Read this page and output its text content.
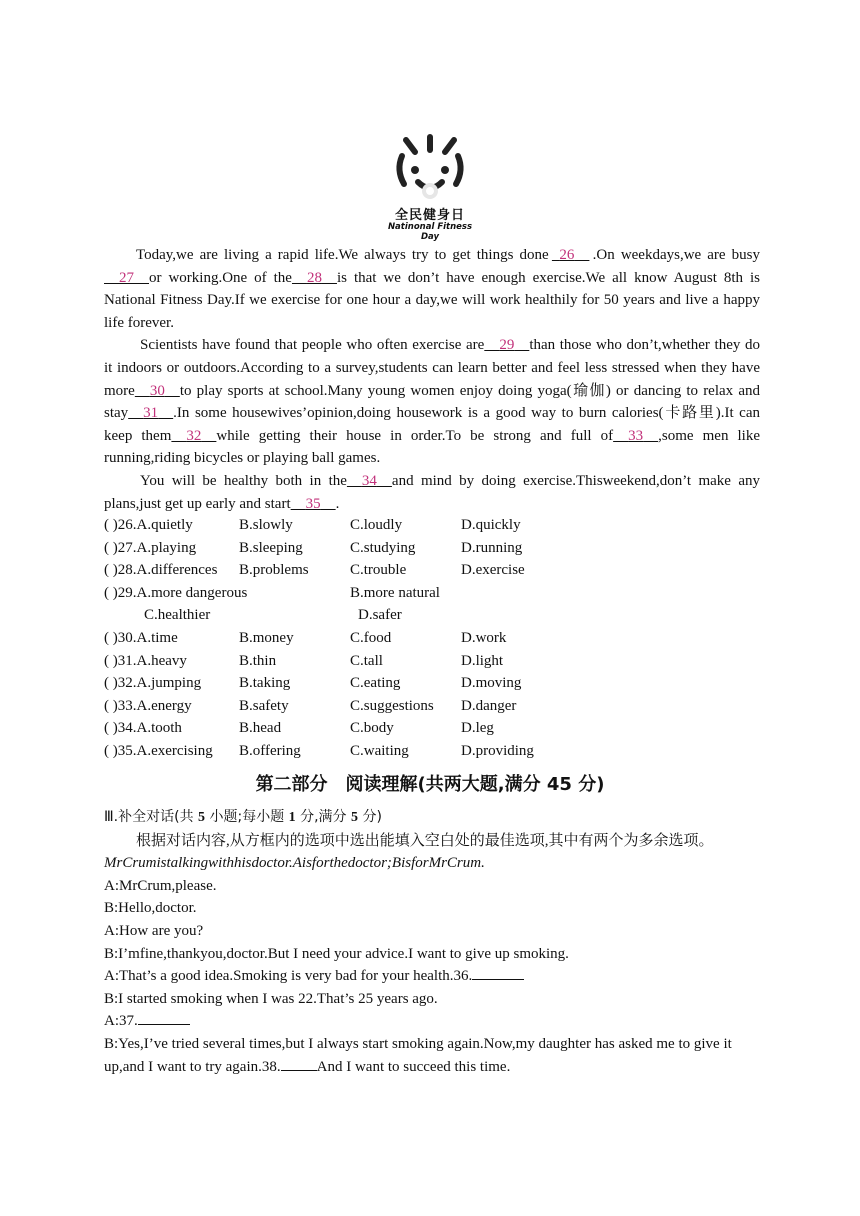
全民健身日
Natinonal Fitness Day

Today,we are living a rapid life.We always try to get things done 26 .On weekdays,we are busy27 or working.One of the 28 is that we don’t have enough exercise.We all know August 8th is National Fitness Day.If we exercise for one hour a day,we will work healthily for 50 years and live a happy life forever.

Scientists have found that people who often exercise are 29 than those who don’t,whether they do it indoors or outdoors.According to a survey,students can learn better and feel less stressed when they have more 30 to play sports at school.Many young women enjoy doing yoga(瑜伽) or dancing to relax and stay 31 .In some housewives’opinion,doing housework is a good way to burn calories(卡路里).It can keep them 32 while getting their house in order.To be strong and full of 33 ,some men like running,riding bicycles or playing ball games.

You will be healthy both in the 34 and mind by doing exercise.Thisweekend,don’t make any plans,just get up early and start 35 .

( )26.A.quietly	B.slowly	C.loudly	D.quickly
( )27.A.playing	B.sleeping	C.studying	D.running
( )28.A.differences B.problems	C.trouble	D.exercise
( )29.A.more dangerous	B.more natural
C.healthier	D.safer
( )30.A.time	B.money	C.food	D.work
( )31.A.heavy	B.thin	C.tall	D.light
( )32.A.jumping	B.taking	C.eating	D.moving
( )33.A.energy	B.safety	C.suggestions D.danger
( )34.A.tooth	B.head	C.body	D.leg
( )35.A.exercising B.offering	C.waiting	D.providing
第二部分　阅读理解(共两大题,满分 45 分)

Ⅲ.补全对话(共 5 小题;每小题 1 分,满分 5 分)

根据对话内容,从方框内的选项中选出能填入空白处的最佳选项,其中有两个为多余选项。

MrCrumistalkingwithhisdoctor.Aisforthedoctor;BisforMrCrum.

A:MrCrum,please.

B:Hello,doctor.

A:How are you?

B:I’mfine,thankyou,doctor.But I need your advice.I want to give up smoking.

A:That’s a good idea.Smoking is very bad for your health.36.

B:I started smoking when I was 22.That’s 25 years ago.

A:37.

B:Yes,I’ve tried several times,but I always start smoking again.Now,my daughter has asked me to give it up,and I want to try again.38. And I want to succeed this time.
